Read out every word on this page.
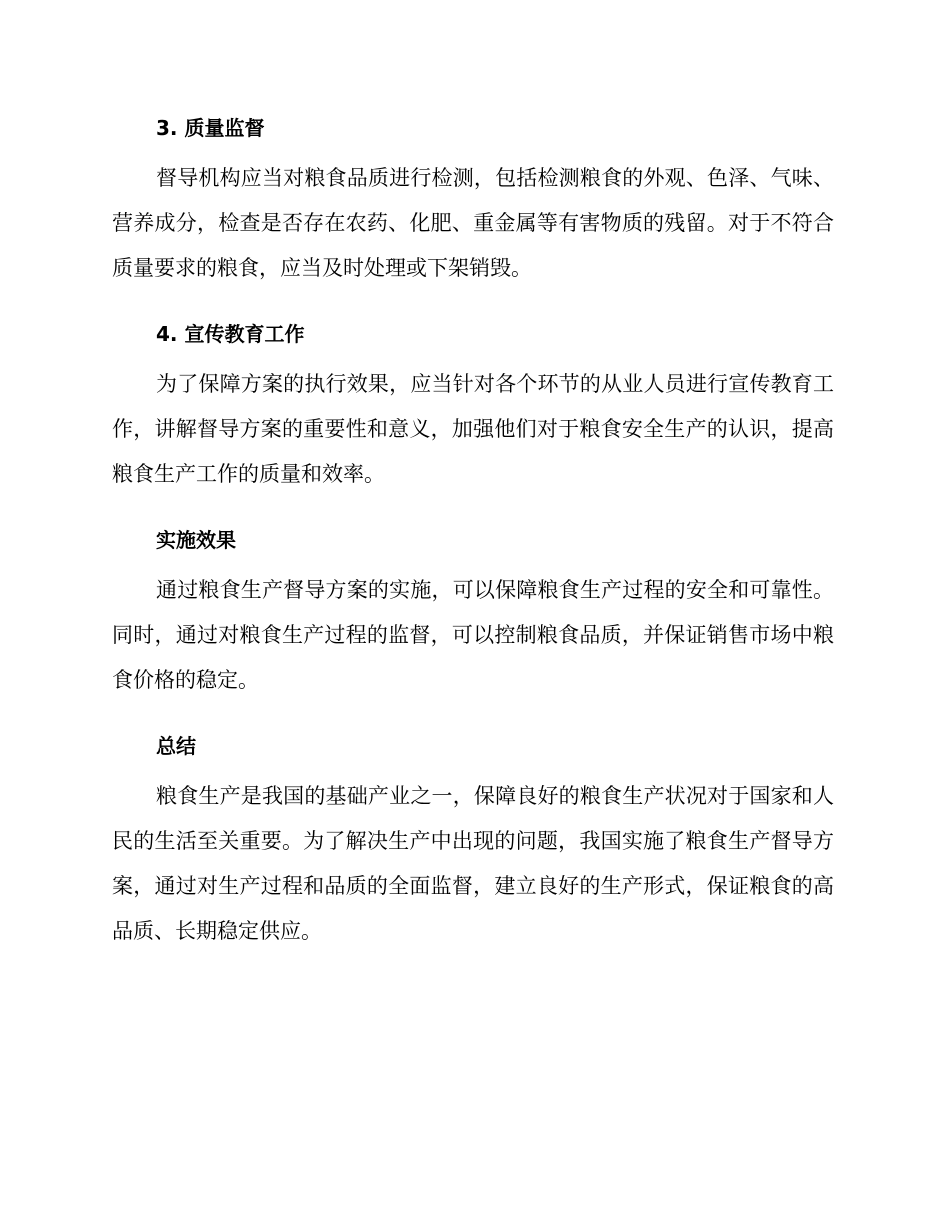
3. 质量监督

督导机构应当对粮食品质进行检测，包括检测粮食的外观、色泽、气味、营养成分，检查是否存在农药、化肥、重金属等有害物质的残留。对于不符合质量要求的粮食，应当及时处理或下架销毁。

4. 宣传教育工作

为了保障方案的执行效果，应当针对各个环节的从业人员进行宣传教育工作，讲解督导方案的重要性和意义，加强他们对于粮食安全生产的认识，提高粮食生产工作的质量和效率。

实施效果

通过粮食生产督导方案的实施，可以保障粮食生产过程的安全和可靠性。同时，通过对粮食生产过程的监督，可以控制粮食品质，并保证销售市场中粮食价格的稳定。

总结

粮食生产是我国的基础产业之一，保障良好的粮食生产状况对于国家和人民的生活至关重要。为了解决生产中出现的问题，我国实施了粮食生产督导方案，通过对生产过程和品质的全面监督，建立良好的生产形式，保证粮食的高品质、长期稳定供应。
